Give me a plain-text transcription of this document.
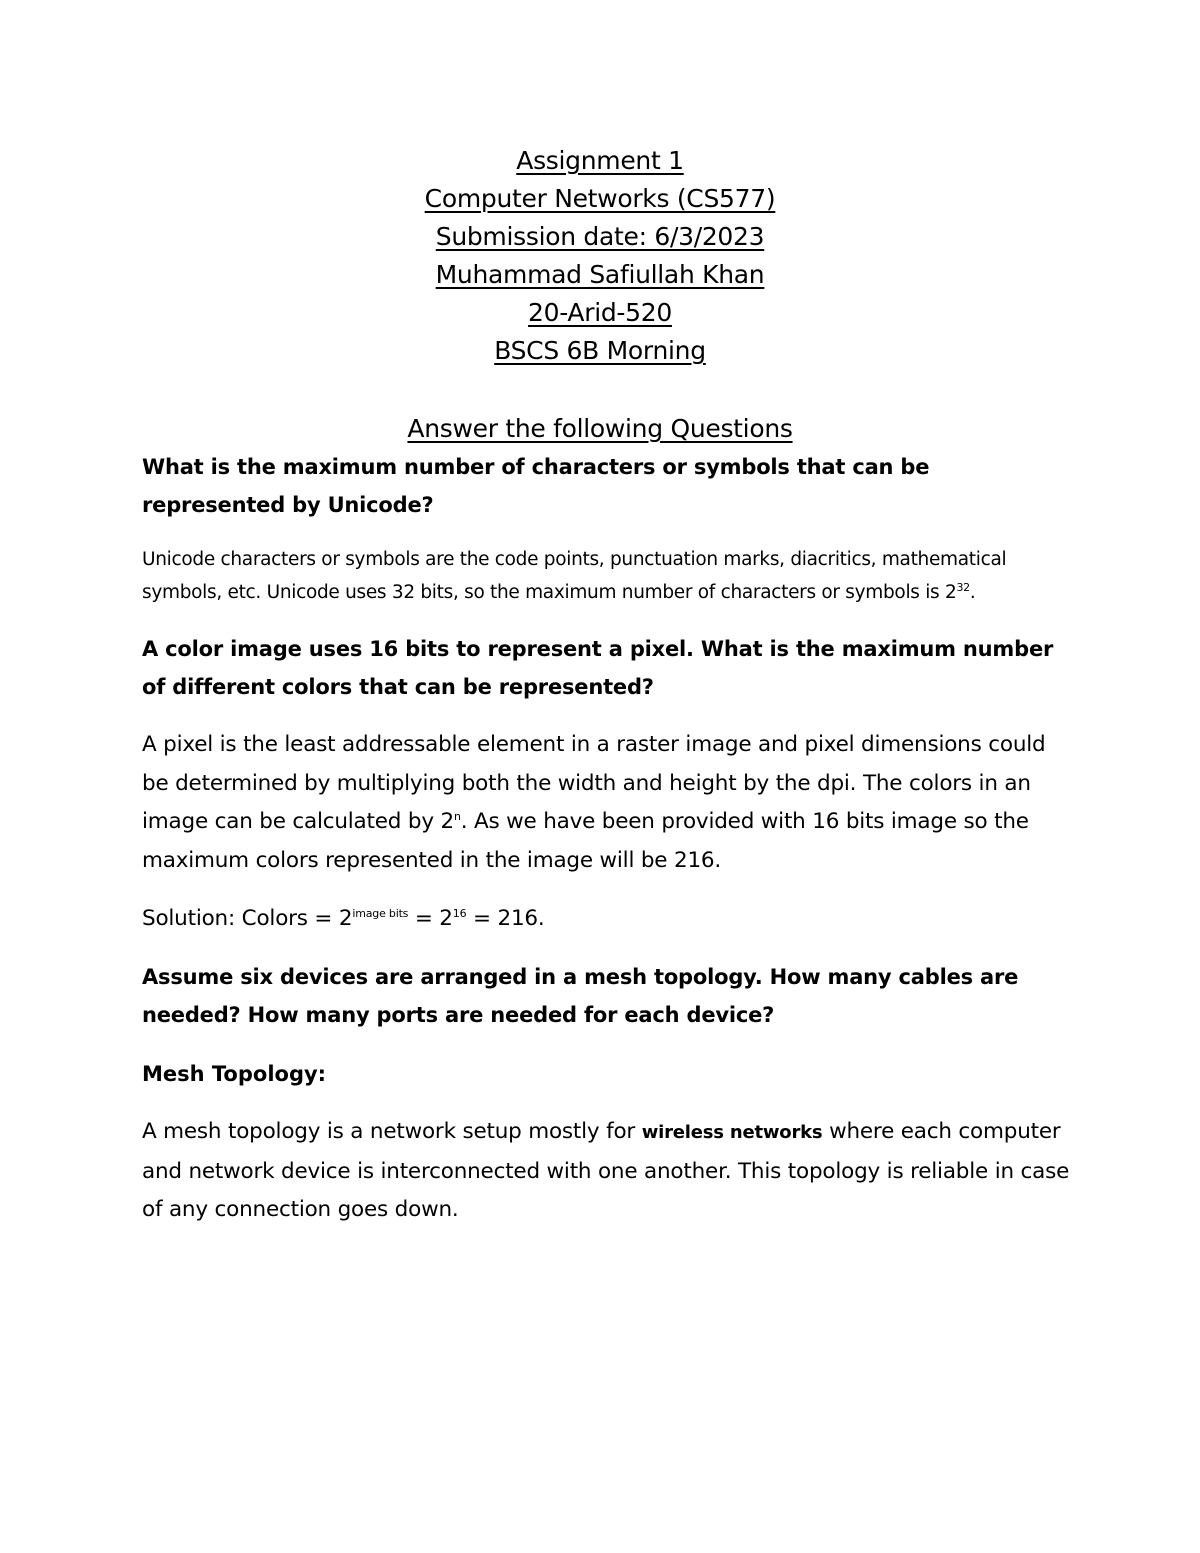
Assignment 1
Computer Networks (CS577)
Submission date: 6/3/2023
Muhammad Safiullah Khan
20-Arid-520
BSCS 6B Morning
Answer the following Questions
What is the maximum number of characters or symbols that can be represented by Unicode?
Unicode characters or symbols are the code points, punctuation marks, diacritics, mathematical symbols, etc. Unicode uses 32 bits, so the maximum number of characters or symbols is $2^{32}$.
A color image uses 16 bits to represent a pixel. What is the maximum number of different colors that can be represented?
A pixel is the least addressable element in a raster image and pixel dimensions could be determined by multiplying both the width and height by the dpi. The colors in an image can be calculated by 2$^n$. As we have been provided with 16 bits image so the maximum colors represented in the image will be 216.
Solution: Colors = $2^{image bits} = 2^{16} = 216$.
Assume six devices are arranged in a mesh topology. How many cables are needed? How many ports are needed for each device?
Mesh Topology:
A mesh topology is a network setup mostly for wireless networks where each computer and network device is interconnected with one another. This topology is reliable in case of any connection goes down.
